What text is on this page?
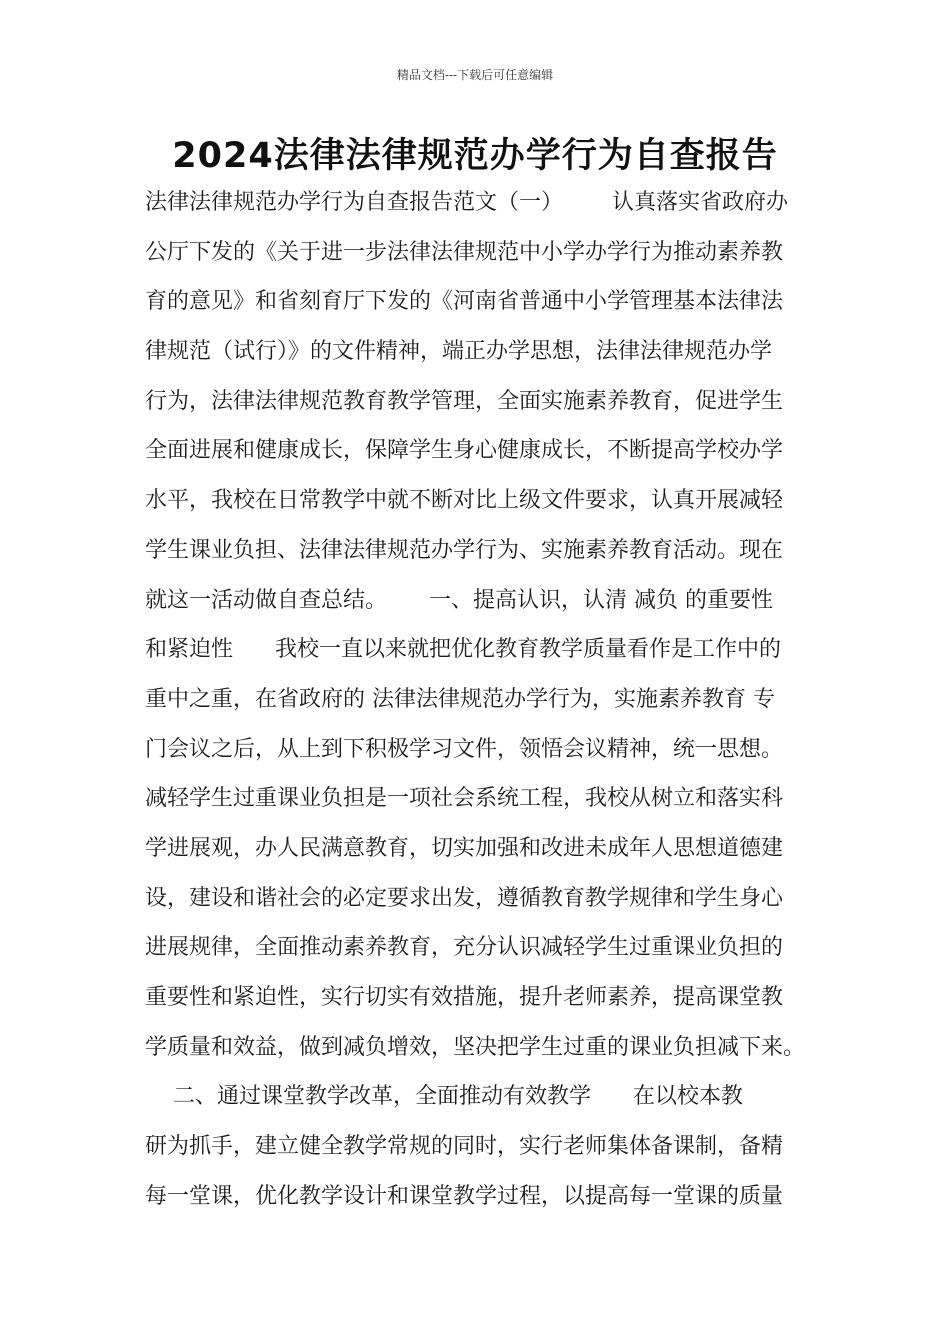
精品文档---下载后可任意编辑
2024法律法律规范办学行为自查报告
法律法律规范办学行为自查报告范文（一）       认真落实省政府办
公厅下发的《关于进一步法律法律规范中小学办学行为推动素养教
育的意见》和省刻育厅下发的《河南省普通中小学管理基本法律法
律规范（试行）》的文件精神，端正办学思想，法律法律规范办学
行为，法律法律规范教育教学管理，全面实施素养教育，促进学生
全面进展和健康成长，保障学生身心健康成长，不断提高学校办学
水平，我校在日常教学中就不断对比上级文件要求，认真开展减轻
学生课业负担、法律法律规范办学行为、实施素养教育活动。现在
就这一活动做自查总结。      一、提高认识，认清 减负 的重要性
和紧迫性      我校一直以来就把优化教育教学质量看作是工作中的
重中之重，在省政府的 法律法律规范办学行为，实施素养教育 专
门会议之后，从上到下积极学习文件，领悟会议精神，统一思想。
减轻学生过重课业负担是一项社会系统工程，我校从树立和落实科
学进展观，办人民满意教育，切实加强和改进未成年人思想道德建
设，建设和谐社会的必定要求出发，遵循教育教学规律和学生身心
进展规律，全面推动素养教育，充分认识减轻学生过重课业负担的
重要性和紧迫性，实行切实有效措施，提升老师素养，提高课堂教
学质量和效益，做到减负增效，坚决把学生过重的课业负担减下来。
二、通过课堂教学改革，全面推动有效教学      在以校本教
研为抓手，建立健全教学常规的同时，实行老师集体备课制，备精
每一堂课，优化教学设计和课堂教学过程，以提高每一堂课的质量
